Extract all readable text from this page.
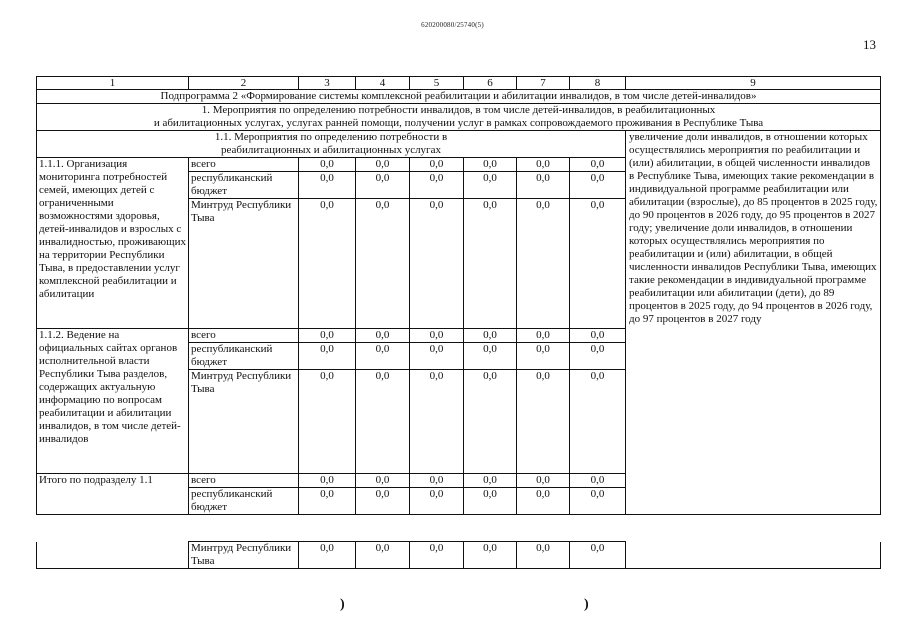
620200080/25740(5)
13
1	2	3	4	5	6	7	8	9
Подпрограмма 2 «Формирование системы комплексной реабилитации и абилитации инвалидов, в том числе детей-инвалидов»								

1. Мероприятия по определению потребности инвалидов, в том числе детей-инвалидов, в реабилитационных
и абилитационных услугах, услугах ранней помощи, получении услуг в рамках сопровождаемого проживания в Республике Тыва								

1.1. Мероприятия по определению потребности в реабилитационных и абилитационных услугах								увеличение доли инвалидов, в отношении которых осуществлялись мероприятия по реабилитации и (или) абилитации, в общей численности инвалидов в Республике Тыва, имеющих такие рекомендации в индивидуальной программе реабилитации или абилитации (взрослые), до 85 процентов в 2025 году, до 90 процентов в 2026 году, до 95 процентов в 2027 году; увеличение доли инвалидов, в отношении которых осуществлялись мероприятия по реабилитации и (или) абилитации, в общей численности инвалидов Республики Тыва, имеющих такие рекомендации в индивидуальной программе реабилитации или абилитации (дети), до 89 процентов в 2025 году, до 94 процентов в 2026 году, до 97 процентов в 2027 году
1.1.1. Организация мониторинга потребностей семей, имеющих детей с ограниченными возможностями здоровья, детей-инвалидов и взрослых с инвалидностью, проживающих на территории Республики Тыва, в предоставлении услуг комплексной реабилитации и абилитации	всего	0,0	0,0	0,0	0,0	0,0	0,0	
	республиканский бюджет	0,0	0,0	0,0	0,0	0,0	0,0	
	Минтруд Республики Тыва	0,0	0,0	0,0	0,0	0,0	0,0	
1.1.2. Ведение на официальных сайтах органов исполнительной власти Республики Тыва разделов, содержащих актуальную информацию по вопросам реабилитации и абилитации инвалидов, в том числе детей-инвалидов	всего	0,0	0,0	0,0	0,0	0,0	0,0	
	республиканский бюджет	0,0	0,0	0,0	0,0	0,0	0,0	
	Минтруд Республики Тыва	0,0	0,0	0,0	0,0	0,0	0,0	
Итого по подразделу 1.1	всего	0,0	0,0	0,0	0,0	0,0	0,0	
	республиканский бюджет	0,0	0,0	0,0	0,0	0,0	0,0	
	Минтруд Республики Тыва	0,0	0,0	0,0	0,0	0,0	0,0	
)	)
